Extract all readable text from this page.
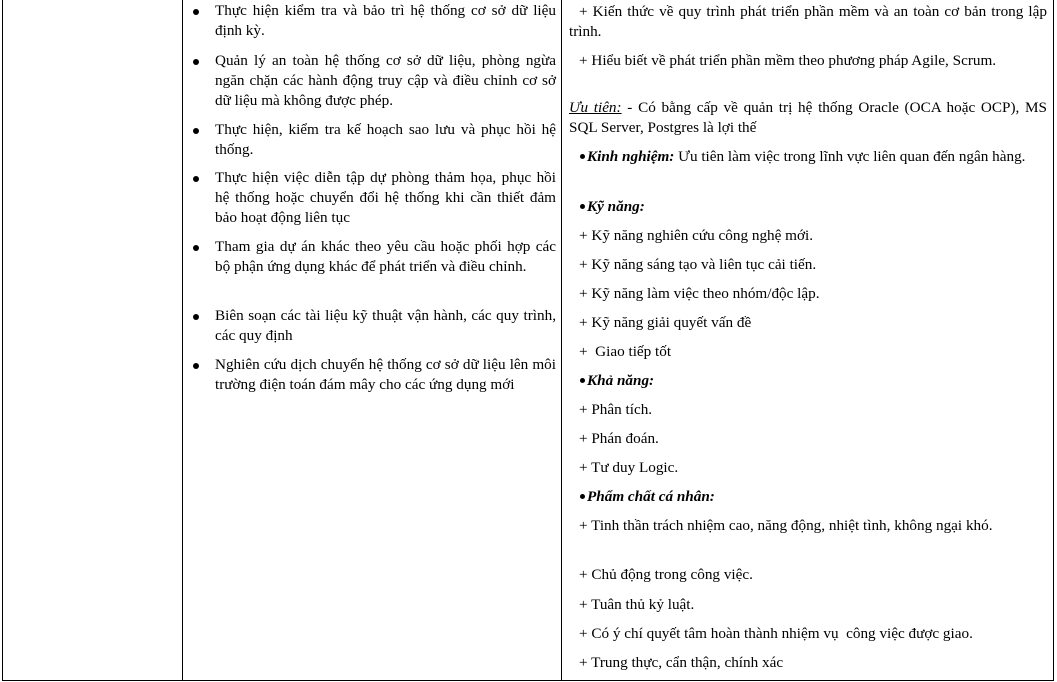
Thực hiện kiểm tra và bảo trì hệ thống cơ sở dữ liệu định kỳ.
Quản lý an toàn hệ thống cơ sở dữ liệu, phòng ngừa ngăn chặn các hành động truy cập và điều chỉnh cơ sở dữ liệu mà không được phép.
Thực hiện, kiểm tra kế hoạch sao lưu và phục hồi hệ thống.
Thực hiện việc diễn tập dự phòng thảm họa, phục hồi hệ thống hoặc chuyển đổi hệ thống khi cần thiết đảm bảo hoạt động liên tục
Tham gia dự án khác theo yêu cầu hoặc phối hợp các bộ phận ứng dụng khác để phát triển và điều chỉnh.
Biên soạn các tài liệu kỹ thuật vận hành, các quy trình, các quy định
Nghiên cứu dịch chuyển hệ thống cơ sở dữ liệu lên môi trường điện toán đám mây cho các ứng dụng mới

+ Kiến thức về quy trình phát triển phần mềm và an toàn cơ bản trong lập trình.

+ Hiểu biết về phát triển phần mềm theo phương pháp Agile, Scrum.

Ưu tiên: - Có bằng cấp về quản trị hệ thống Oracle (OCA hoặc OCP), MS SQL Server, Postgres là lợi thế

Kinh nghiệm: Ưu tiên làm việc trong lĩnh vực liên quan đến ngân hàng.

Kỹ năng:

+ Kỹ năng nghiên cứu công nghệ mới.

+ Kỹ năng sáng tạo và liên tục cải tiến.

+ Kỹ năng làm việc theo nhóm/độc lập.

+ Kỹ năng giải quyết vấn đề

+  Giao tiếp tốt

Khả năng:

+ Phân tích.

+ Phán đoán.

+ Tư duy Logic.

Phẩm chất cá nhân:

+ Tinh thần trách nhiệm cao, năng động, nhiệt tình, không ngại khó.

+ Chủ động trong công việc.

+ Tuân thủ kỷ luật.

+ Có ý chí quyết tâm hoàn thành nhiệm vụ  công việc được giao.

+ Trung thực, cẩn thận, chính xác
